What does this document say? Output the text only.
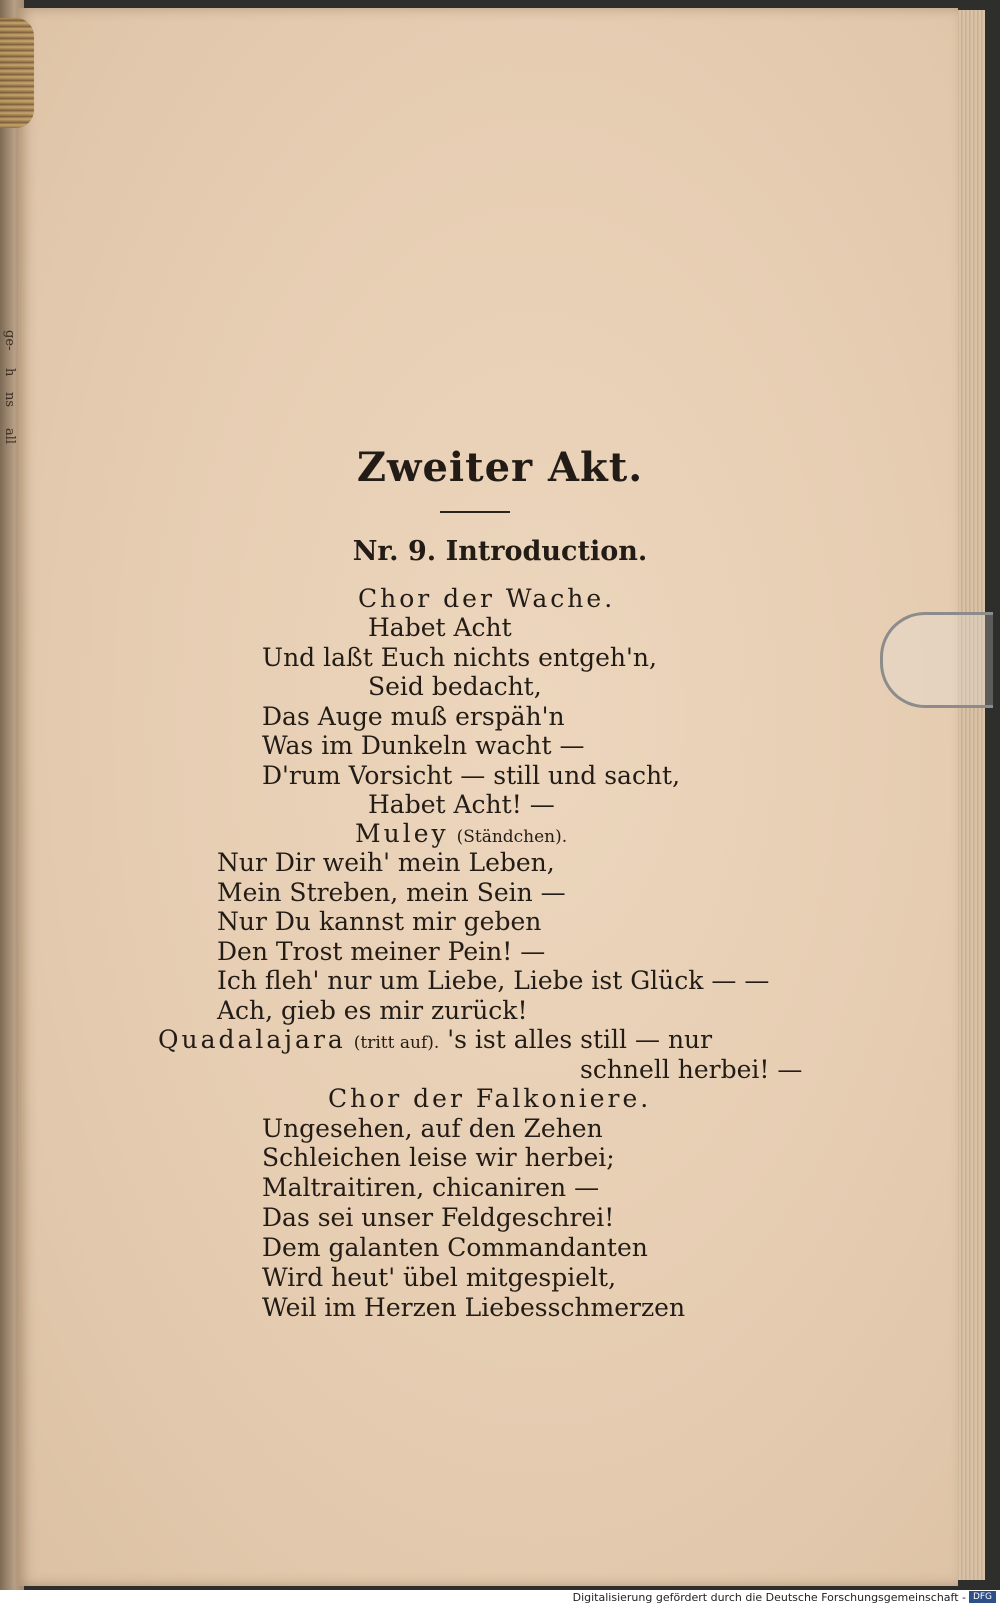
ge-
h
ns
all
Zweiter Akt.
Nr. 9. Introduction.
Chor der Wache.
Habet Acht
Und laßt Euch nichts entgeh'n,
Seid bedacht,
Das Auge muß erspäh'n
Was im Dunkeln wacht —
D'rum Vorsicht — still und sacht,
Habet Acht! —
Muley (Ständchen).
Nur Dir weih' mein Leben,
Mein Streben, mein Sein —
Nur Du kannst mir geben
Den Trost meiner Pein! —
Ich fleh' nur um Liebe, Liebe ist Glück — —
Ach, gieb es mir zurück!
Quadalajara (tritt auf). 's ist alles still — nur
schnell herbei! —
Chor der Falkoniere.
Ungesehen, auf den Zehen
Schleichen leise wir herbei;
Maltraitiren, chicaniren —
Das sei unser Feldgeschrei!
Dem galanten Commandanten
Wird heut' übel mitgespielt,
Weil im Herzen Liebesschmerzen
Digitalisierung gefördert durch die Deutsche Forschungsgemeinschaft - DFG
